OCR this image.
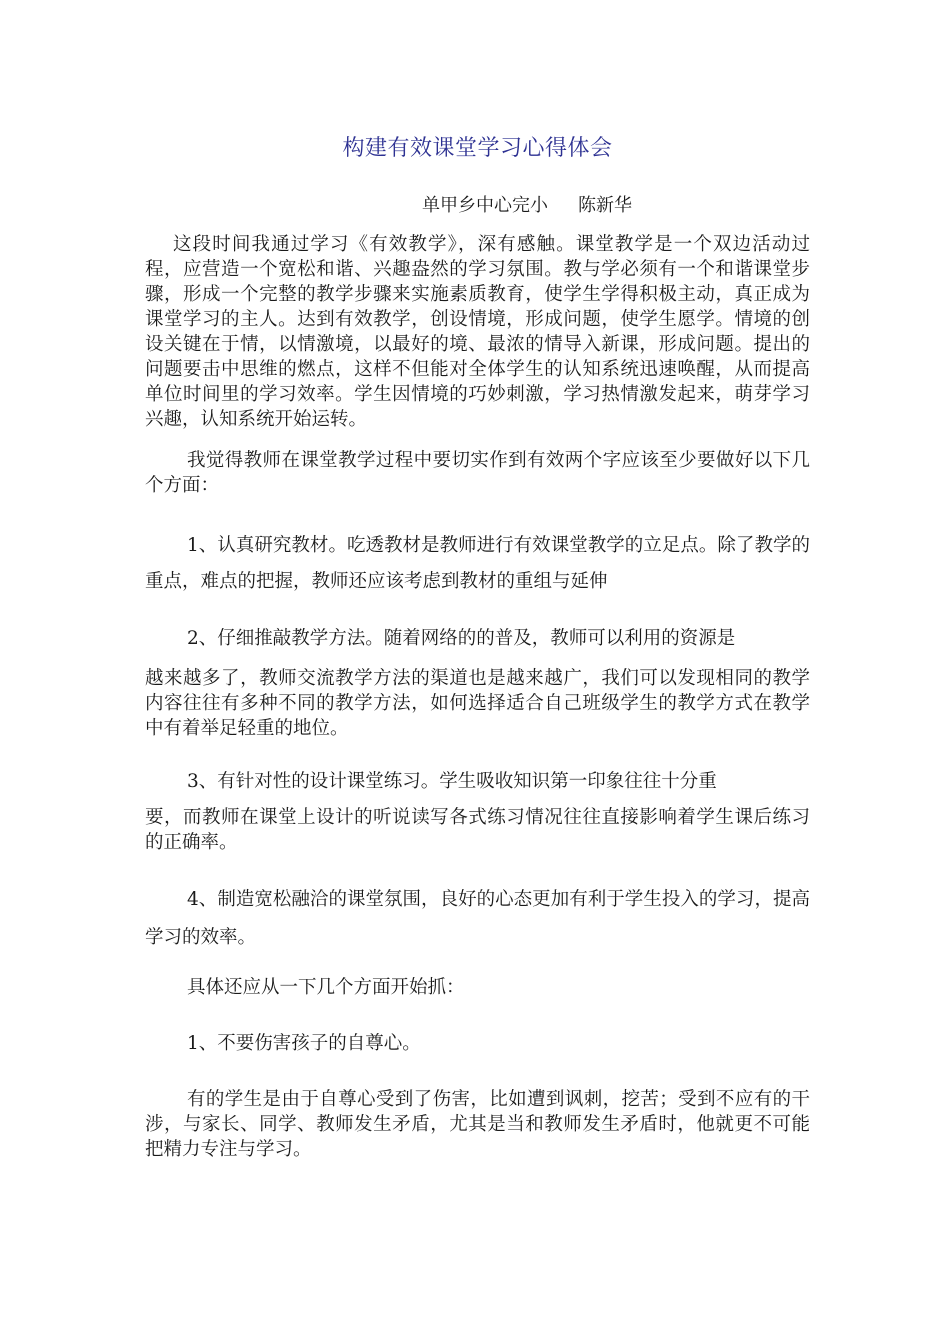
构建有效课堂学习心得体会
单甲乡中心完小 陈新华

这段时间我通过学习《有效教学》，深有感触。课堂教学是一个双边活动过程，应营造一个宽松和谐、兴趣盎然的学习氛围。教与学必须有一个和谐课堂步骤，形成一个完整的教学步骤来实施素质教育，使学生学得积极主动，真正成为课堂学习的主人。达到有效教学，创设情境，形成问题，使学生愿学。情境的创设关键在于情，以情激境，以最好的境、最浓的情导入新课，形成问题。提出的问题要击中思维的燃点，这样不但能对全体学生的认知系统迅速唤醒，从而提高单位时间里的学习效率。学生因情境的巧妙刺激，学习热情激发起来，萌芽学习兴趣，认知系统开始运转。

我觉得教师在课堂教学过程中要切实作到有效两个字应该至少要做好以下几个方面：

1、认真研究教材。吃透教材是教师进行有效课堂教学的立足点。除了教学的重点，难点的把握，教师还应该考虑到教材的重组与延伸

2、仔细推敲教学方法。随着网络的的普及，教师可以利用的资源是
越来越多了，教师交流教学方法的渠道也是越来越广，我们可以发现相同的教学内容往往有多种不同的教学方法，如何选择适合自己班级学生的教学方式在教学中有着举足轻重的地位。

3、有针对性的设计课堂练习。学生吸收知识第一印象往往十分重
要，而教师在课堂上设计的听说读写各式练习情况往往直接影响着学生课后练习的正确率。

4、制造宽松融洽的课堂氛围，良好的心态更加有利于学生投入的学习，提高学习的效率。

具体还应从一下几个方面开始抓：

1、不要伤害孩子的自尊心。

有的学生是由于自尊心受到了伤害，比如遭到讽刺，挖苦；受到不应有的干涉，与家长、同学、教师发生矛盾，尤其是当和教师发生矛盾时，他就更不可能把精力专注与学习。
